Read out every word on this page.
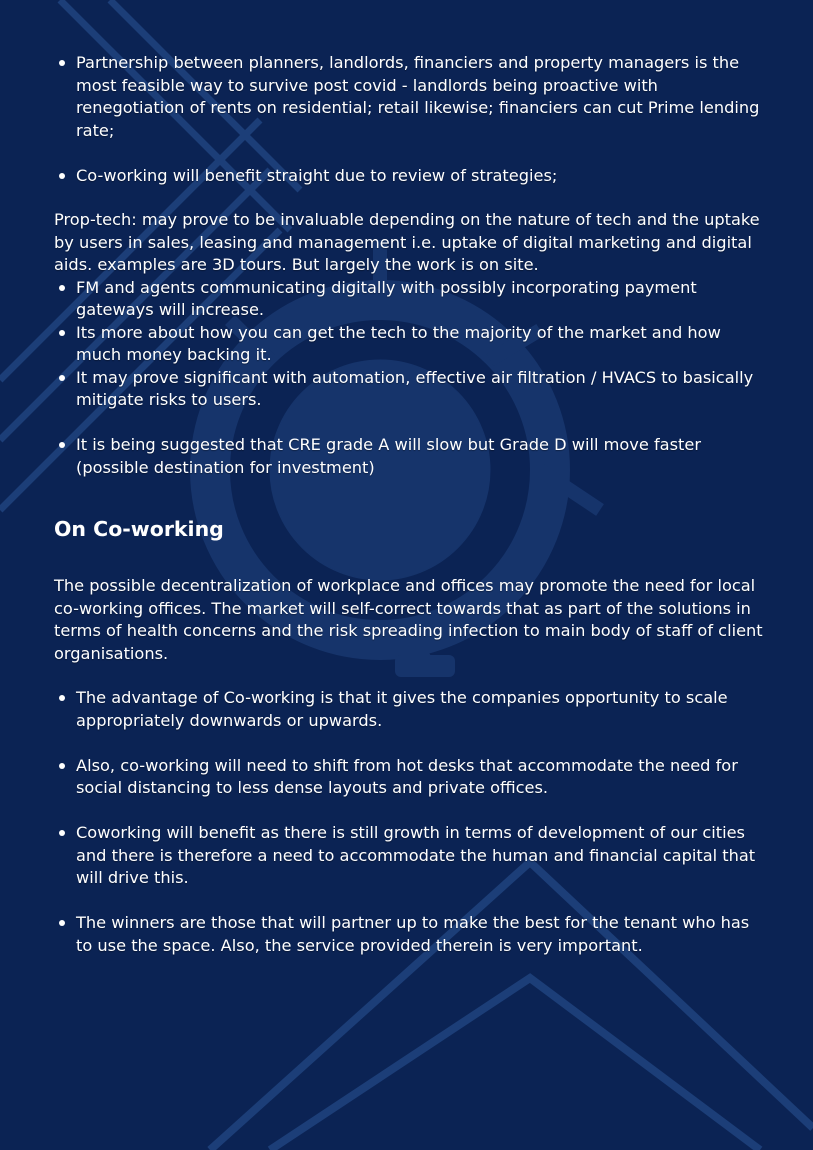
Partnership between planners, landlords, financiers and property managers is the most feasible way to survive post covid - landlords being proactive with renegotiation of rents on residential; retail likewise; financiers can cut Prime lending rate;
Co-working will benefit straight due to review of strategies;

Prop-tech: may prove to be invaluable depending on the nature of tech and the uptake by users in sales, leasing and management i.e. uptake of digital marketing and digital aids. examples are 3D tours. But largely the work is on site.

FM and agents communicating digitally with possibly incorporating payment gateways will increase.
Its more about how you can get the tech to the majority of the market and how much money backing it.
It may prove significant with automation, effective air filtration / HVACS to basically mitigate risks to users.
It is being suggested that CRE grade A will slow but Grade D will move faster (possible destination for investment)
On Co-working

The possible decentralization of workplace and offices may promote the need for local co-working offices. The market will self-correct towards that as part of the solutions in terms of health concerns and the risk spreading infection to main body of staff of client organisations.

The advantage of Co-working is that it gives the companies opportunity to scale appropriately downwards or upwards.
Also, co-working will need to shift from hot desks that accommodate the need for social distancing to less dense layouts and private offices.
Coworking will benefit as there is still growth in terms of development of our cities and there is therefore a need to accommodate the human and financial capital that will drive this.
The winners are those that will partner up to make the best for the tenant who has to use the space. Also, the service provided therein is very important.
